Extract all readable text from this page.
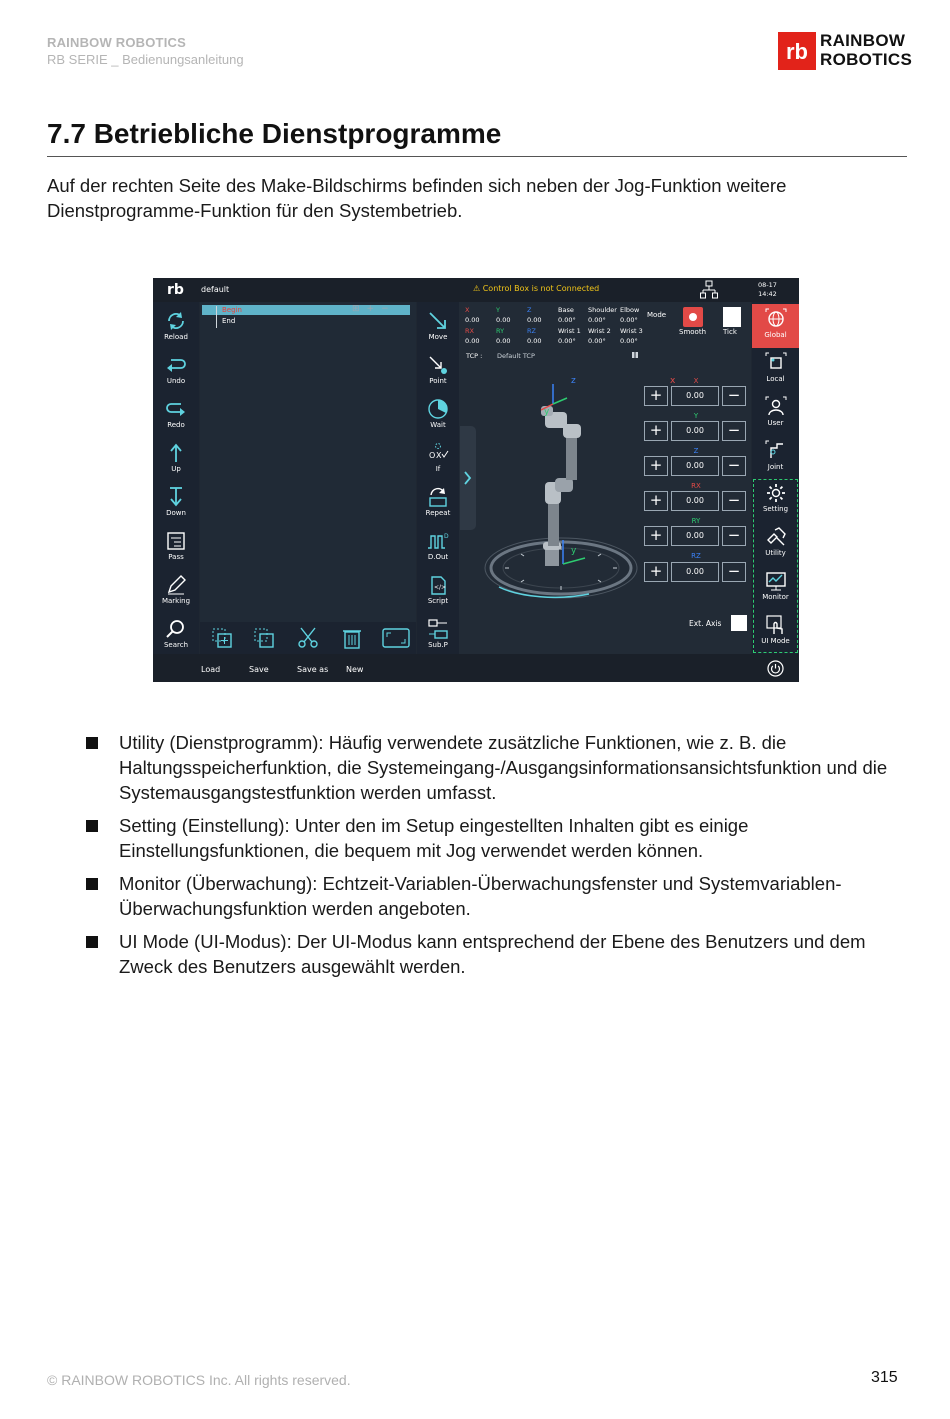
RAINBOW ROBOTICS
RB SERIE _ Bedienungsanleitung	rb RAINBOW
ROBOTICS
7.7 Betriebliche Dienstprogramme

Auf der rechten Seite des Make-Bildschirms befinden sich neben der Jog-Funktion weitere Dienstprogramme-Funktion für den Systembetrieb.

rb default	⚠ Control Box is not Connected	08-17
14:42
Reload
Undo
Redo
Up
Down
Pass
Marking
Search
Begin
End
⊞+−
Move
Point
Wait
O X
If
Repeat
D
D.Out
</>
Script
Sub.P
x
y
y
z
X	Y	Z
0.00	0.00	0.00
RX	RY	RZ
0.00	0.00	0.00
Base Shoulder Elbow
0.00° 0.00° 0.00°
Wrist 1 Wrist 2 Wrist 3
0.00° 0.00° 0.00°
TCP : Default TCP
Mode
Smooth Tick
X
+	0.00	−
Y
+	0.00	−
Z
+	0.00	−
RX
+	0.00	−
RY
+	0.00	−
RZ
+	0.00	−
Ext. Axis
Global
Local
User
Joint
Setting
Utility
Monitor
UI Mode
Load	Save	Save as New
Utility (Dienstprogramm): Häufig verwendete zusätzliche Funktionen, wie z. B. die Haltungsspeicherfunktion, die Systemeingang-/Ausgangsinformationsansichtsfunktion und die Systemausgangstestfunktion werden umfasst.
Setting (Einstellung): Unter den im Setup eingestellten Inhalten gibt es einige Einstellungsfunktionen, die bequem mit Jog verwendet werden können.
Monitor (Überwachung): Echtzeit-Variablen-Überwachungsfenster und Systemvariablen-Überwachungsfunktion werden angeboten.
UI Mode (UI-Modus): Der UI-Modus kann entsprechend der Ebene des Benutzers und dem Zweck des Benutzers ausgewählt werden.
© RAINBOW ROBOTICS Inc. All rights reserved.	315
